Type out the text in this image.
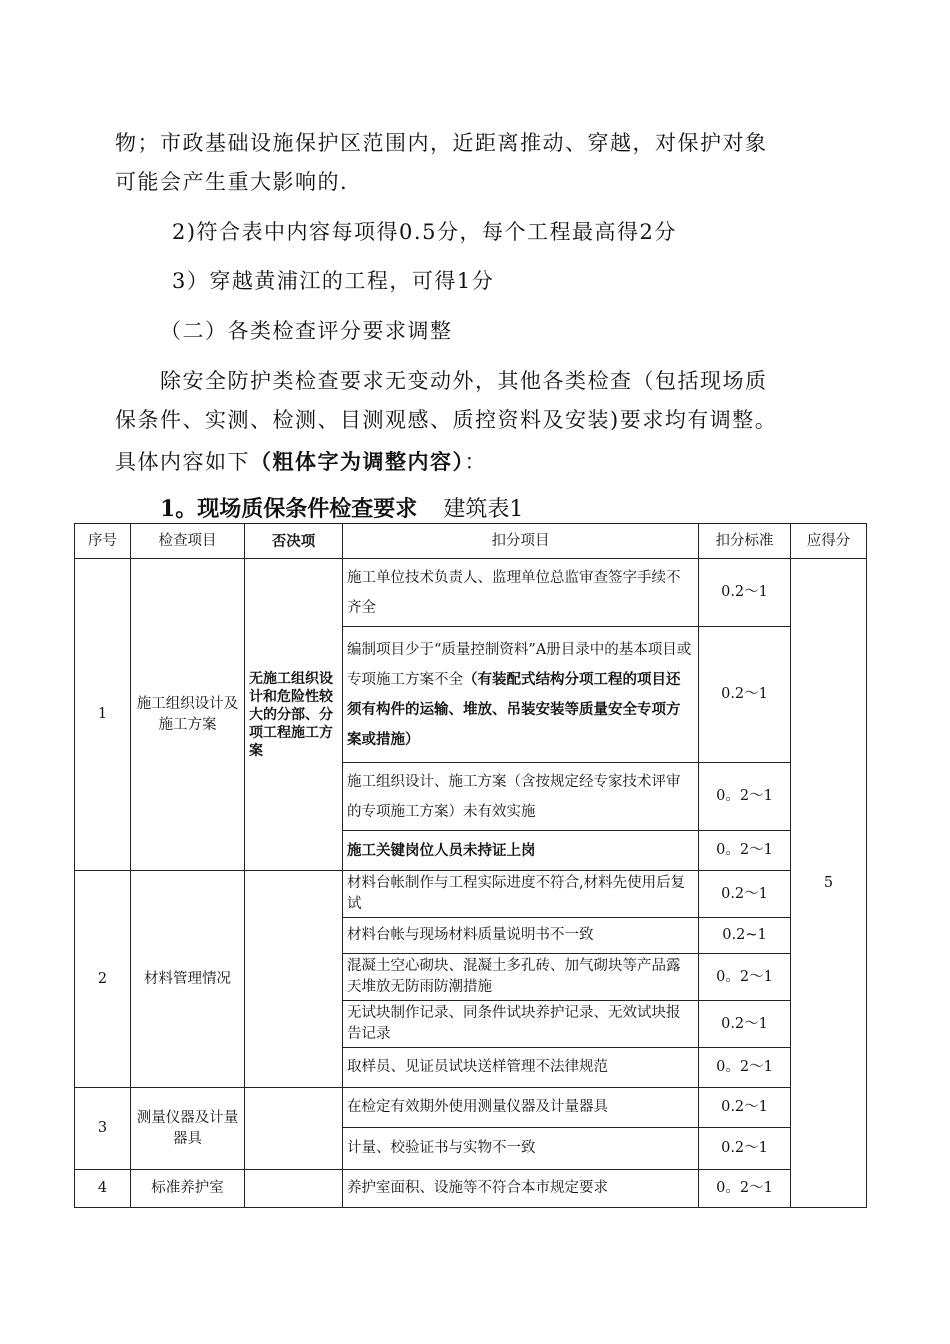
物；市政基础设施保护区范围内，近距离推动、穿越，对保护对象

可能会产生重大影响的.

2)符合表中内容每项得0.5分，每个工程最高得2分

3）穿越黄浦江的工程，可得1分

（二）各类检查评分要求调整

除安全防护类检查要求无变动外，其他各类检查（包括现场质

保条件、实测、检测、目测观感、质控资料及安装)要求均有调整。

具体内容如下（粗体字为调整内容）：

1。现场质保条件检查要求 建筑表1

序号	检查项目	否决项	扣分项目	扣分标准	应得分
1	施工组织设计及施工方案	无施工组织设计和危险性较大的分部、分项工程施工方案	施工单位技术负责人、监理单位总监审查签字手续不齐全	0.2～1	5
			编制项目少于“质量控制资料”A册目录中的基本项目或专项施工方案不全（有装配式结构分项工程的项目还须有构件的运输、堆放、吊装安装等质量安全专项方案或措施）	0.2～1	
			施工组织设计、施工方案（含按规定经专家技术评审的专项施工方案）未有效实施	0。2～1	
			施工关键岗位人员未持证上岗	0。2～1	
2	材料管理情况		材料台帐制作与工程实际进度不符合,材料先使用后复试	0.2～1	
			材料台帐与现场材料质量说明书不一致	0.2~1	
			混凝土空心砌块、混凝土多孔砖、加气砌块等产品露天堆放无防雨防潮措施	0。2～1	
			无试块制作记录、同条件试块养护记录、无效试块报告记录	0.2～1	
			取样员、见证员试块送样管理不法律规范	0。2～1	
3	测量仪器及计量器具		在检定有效期外使用测量仪器及计量器具	0.2～1	
			计量、校验证书与实物不一致	0.2～1	
4	标准养护室		养护室面积、设施等不符合本市规定要求	0。2～1	
